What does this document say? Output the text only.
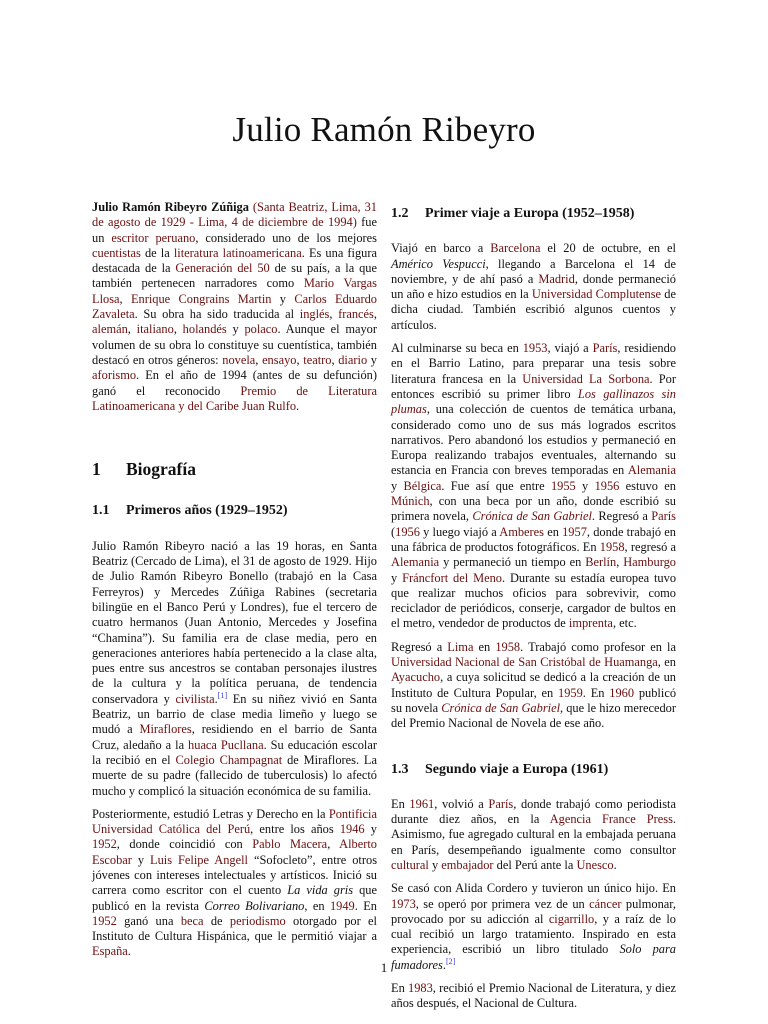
Julio Ramón Ribeyro

Julio Ramón Ribeyro Zúñiga (Santa Beatriz, Lima, 31 de agosto de 1929 - Lima, 4 de diciembre de 1994) fue un escritor peruano, considerado uno de los mejores cuentistas de la literatura latinoamericana. Es una figura destacada de la Generación del 50 de su país, a la que también pertenecen narradores como Mario Vargas Llosa, Enrique Congrains Martin y Carlos Eduardo Zavaleta. Su obra ha sido traducida al inglés, francés, alemán, italiano, holandés y polaco. Aunque el mayor volumen de su obra lo constituye su cuentística, también destacó en otros géneros: novela, ensayo, teatro, diario y aforismo. En el año de 1994 (antes de su defunción) ganó el reconocido Premio de Literatura Latinoamericana y del Caribe Juan Rulfo.

1 Biografía
1.1 Primeros años (1929–1952)

Julio Ramón Ribeyro nació a las 19 horas, en Santa Beatriz (Cercado de Lima), el 31 de agosto de 1929. Hijo de Julio Ramón Ribeyro Bonello (trabajó en la Casa Ferreyros) y Mercedes Zúñiga Rabines (secretaria bilingüe en el Banco Perú y Londres), fue el tercero de cuatro hermanos (Juan Antonio, Mercedes y Josefina “Chamina”). Su familia era de clase media, pero en generaciones anteriores había pertenecido a la clase alta, pues entre sus ancestros se contaban personajes ilustres de la cultura y la política peruana, de tendencia conservadora y civilista.[1] En su niñez vivió en Santa Beatriz, un barrio de clase media limeño y luego se mudó a Miraflores, residiendo en el barrio de Santa Cruz, aledaño a la huaca Pucllana. Su educación escolar la recibió en el Colegio Champagnat de Miraflores. La muerte de su padre (fallecido de tuberculosis) lo afectó mucho y complicó la situación económica de su familia.

Posteriormente, estudió Letras y Derecho en la Pontificia Universidad Católica del Perú, entre los años 1946 y 1952, donde coincidió con Pablo Macera, Alberto Escobar y Luis Felipe Angell “Sofocleto”, entre otros jóvenes con intereses intelectuales y artísticos. Inició su carrera como escritor con el cuento La vida gris que publicó en la revista Correo Bolivariano, en 1949. En 1952 ganó una beca de periodismo otorgado por el Instituto de Cultura Hispánica, que le permitió viajar a España.

1.2 Primer viaje a Europa (1952–1958)

Viajó en barco a Barcelona el 20 de octubre, en el Américo Vespucci, llegando a Barcelona el 14 de noviembre, y de ahí pasó a Madrid, donde permaneció un año e hizo estudios en la Universidad Complutense de dicha ciudad. También escribió algunos cuentos y artículos.

Al culminarse su beca en 1953, viajó a París, residiendo en el Barrio Latino, para preparar una tesis sobre literatura francesa en la Universidad La Sorbona. Por entonces escribió su primer libro Los gallinazos sin plumas, una colección de cuentos de temática urbana, considerado como uno de sus más logrados escritos narrativos. Pero abandonó los estudios y permaneció en Europa realizando trabajos eventuales, alternando su estancia en Francia con breves temporadas en Alemania y Bélgica. Fue así que entre 1955 y 1956 estuvo en Múnich, con una beca por un año, donde escribió su primera novela, Crónica de San Gabriel. Regresó a París (1956 y luego viajó a Amberes en 1957, donde trabajó en una fábrica de productos fotográficos. En 1958, regresó a Alemania y permaneció un tiempo en Berlín, Hamburgo y Fráncfort del Meno. Durante su estadía europea tuvo que realizar muchos oficios para sobrevivir, como reciclador de periódicos, conserje, cargador de bultos en el metro, vendedor de productos de imprenta, etc.

Regresó a Lima en 1958. Trabajó como profesor en la Universidad Nacional de San Cristóbal de Huamanga, en Ayacucho, a cuya solicitud se dedicó a la creación de un Instituto de Cultura Popular, en 1959. En 1960 publicó su novela Crónica de San Gabriel, que le hizo merecedor del Premio Nacional de Novela de ese año.

1.3 Segundo viaje a Europa (1961)

En 1961, volvió a París, donde trabajó como periodista durante diez años, en la Agencia France Press. Asimismo, fue agregado cultural en la embajada peruana en París, desempeñando igualmente como consultor cultural y embajador del Perú ante la Unesco.

Se casó con Alida Cordero y tuvieron un único hijo. En 1973, se operó por primera vez de un cáncer pulmonar, provocado por su adicción al cigarrillo, y a raíz de lo cual recibió un largo tratamiento. Inspirado en esta experiencia, escribió un libro titulado Solo para fumadores.[2]

En 1983, recibió el Premio Nacional de Literatura, y diez años después, el Nacional de Cultura.

1
